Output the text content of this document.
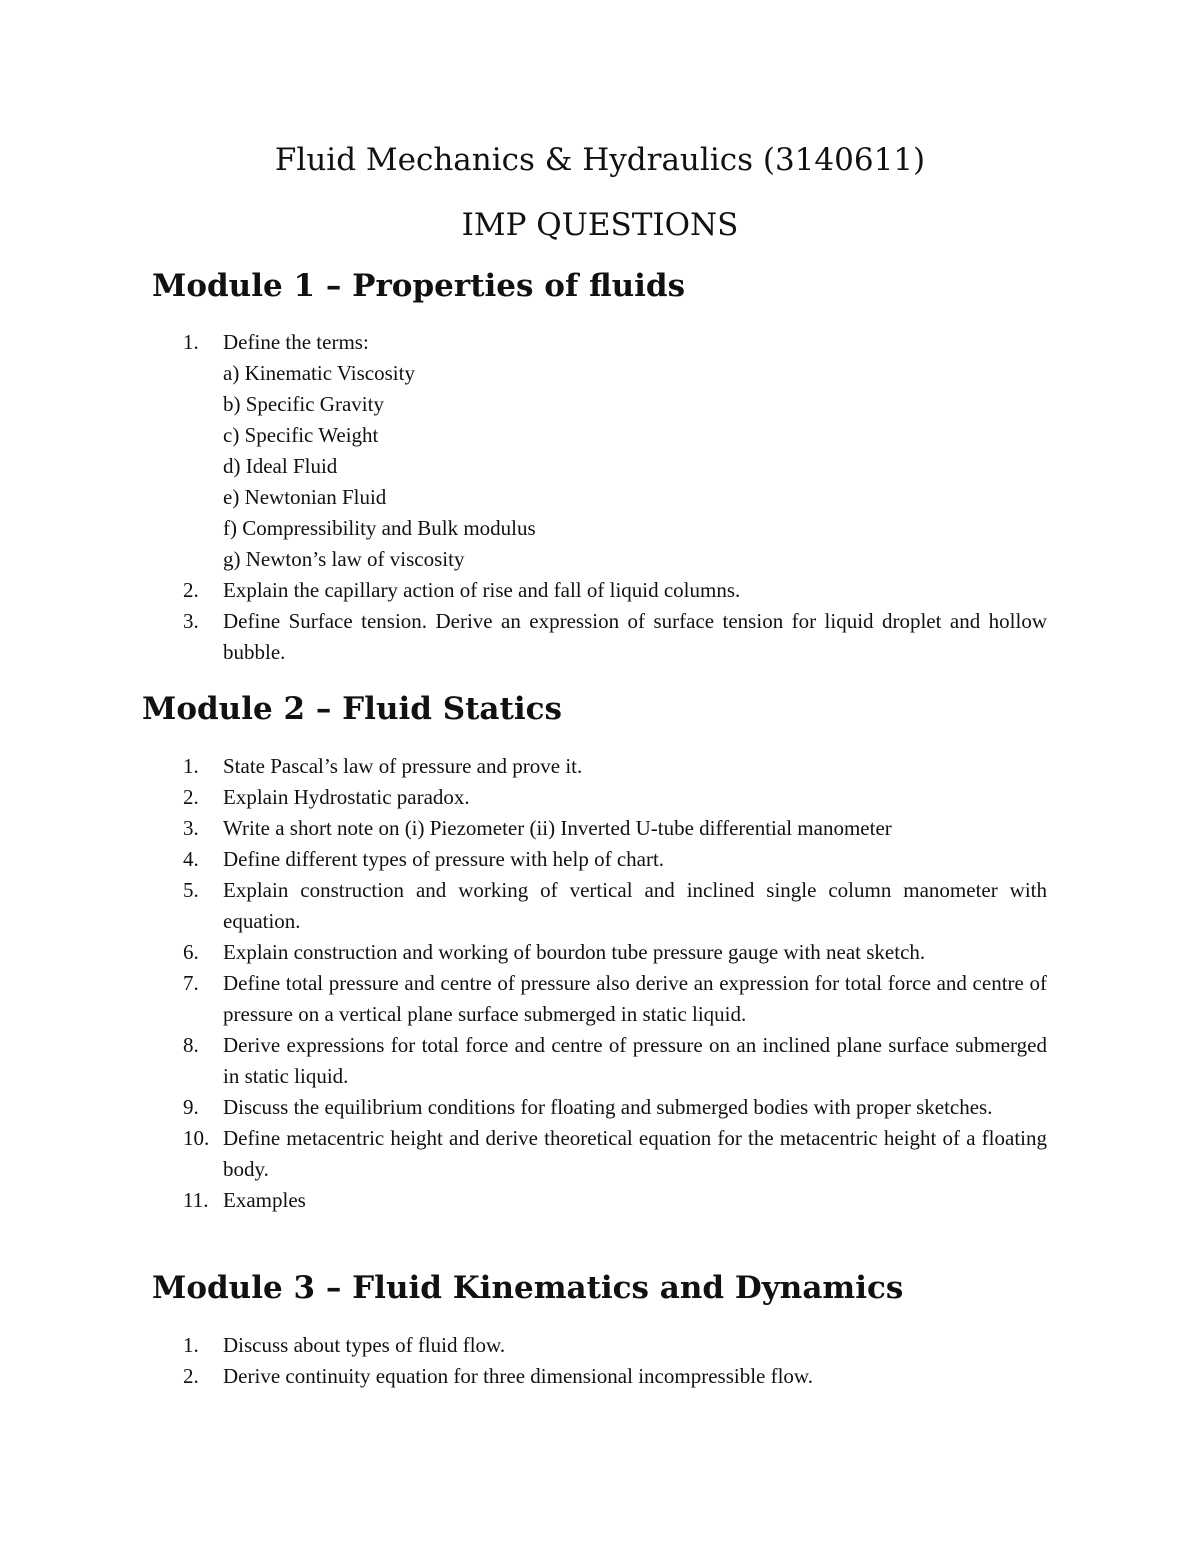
Fluid Mechanics & Hydraulics (3140611)
IMP QUESTIONS
Module 1 – Properties of fluids
1.	Define the terms:
a) Kinematic Viscosity
b) Specific Gravity
c) Specific Weight
d) Ideal Fluid
e) Newtonian Fluid
f) Compressibility and Bulk modulus
g) Newton’s law of viscosity
2.	Explain the capillary action of rise and fall of liquid columns.
3.	Define Surface tension. Derive an expression of surface tension for liquid droplet and hollow bubble.
Module 2 – Fluid Statics
1.	State Pascal’s law of pressure and prove it.
2.	Explain Hydrostatic paradox.
3.	Write a short note on (i) Piezometer (ii) Inverted U-tube differential manometer
4.	Define different types of pressure with help of chart.
5.	Explain construction and working of vertical and inclined single column manometer with equation.
6.	Explain construction and working of bourdon tube pressure gauge with neat sketch.
7.	Define total pressure and centre of pressure also derive an expression for total force and centre of pressure on a vertical plane surface submerged in static liquid.
8.	Derive expressions for total force and centre of pressure on an inclined plane surface submerged in static liquid.
9.	Discuss the equilibrium conditions for floating and submerged bodies with proper sketches.
10. Define metacentric height and derive theoretical equation for the metacentric height of a floating body.
11. Examples
Module 3 – Fluid Kinematics and Dynamics
1.	Discuss about types of fluid flow.
2.	Derive continuity equation for three dimensional incompressible flow.
